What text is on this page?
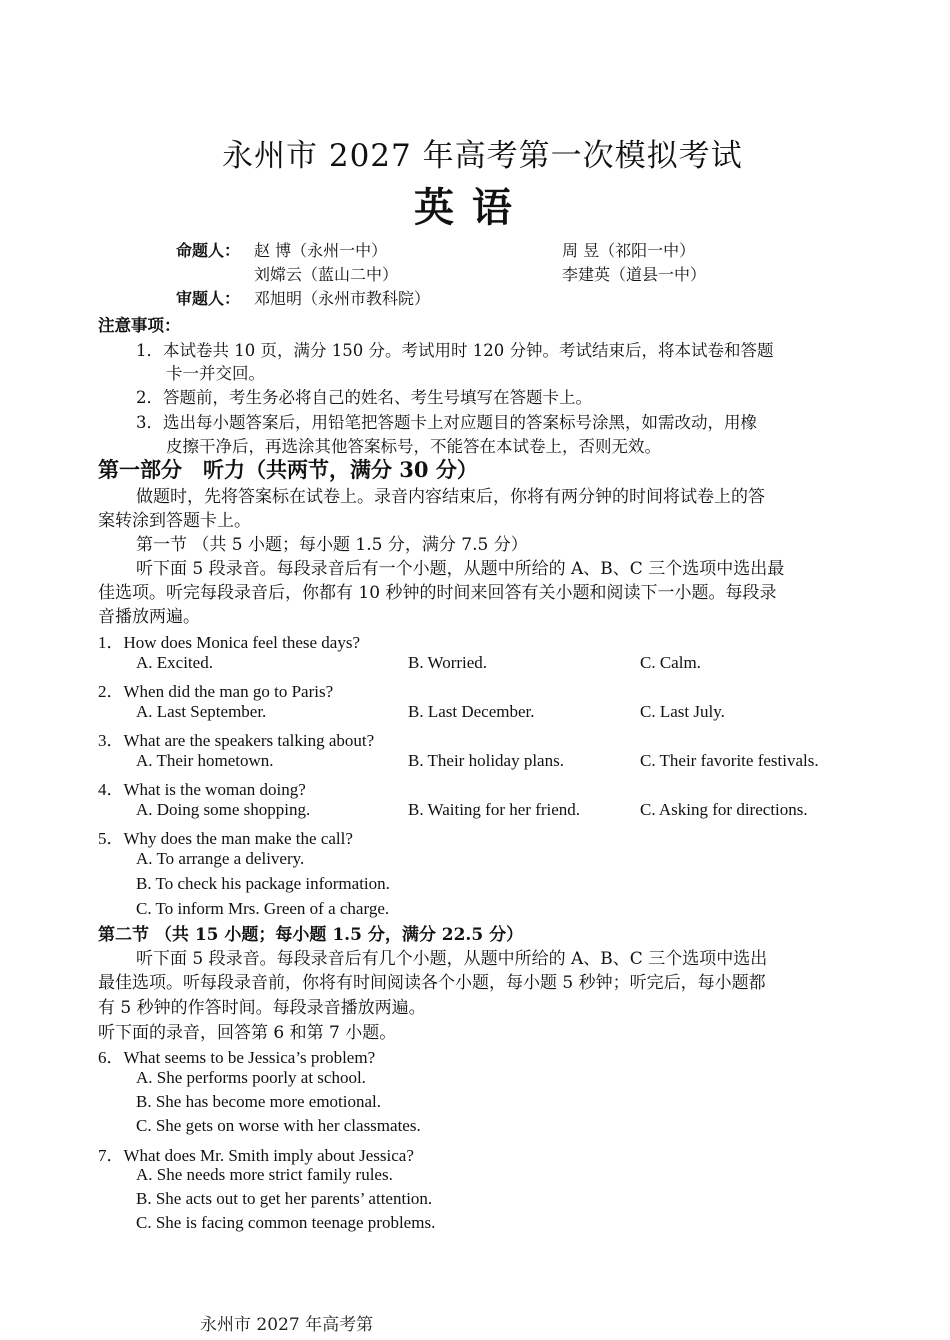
永州市 2027 年高考第一次模拟考试
英 语
命题人： 赵 博（永州一中）	周 昱（祁阳一中）
刘嫦云（蓝山二中）	李建英（道县一中）
审题人： 邓旭明（永州市教科院）
注意事项：
1．本试卷共 10 页，满分 150 分。考试用时 120 分钟。考试结束后，将本试卷和答题
卡一并交回。
2．答题前，考生务必将自己的姓名、考生号填写在答题卡上。
3．选出每小题答案后，用铅笔把答题卡上对应题目的答案标号涂黑，如需改动，用橡
皮擦干净后，再选涂其他答案标号，不能答在本试卷上，否则无效。
第一部分　听力（共两节，满分 30 分）
做题时，先将答案标在试卷上。录音内容结束后，你将有两分钟的时间将试卷上的答
案转涂到答题卡上。
第一节 （共 5 小题；每小题 1.5 分，满分 7.5 分）
听下面 5 段录音。每段录音后有一个小题，从题中所给的 A、B、C 三个选项中选出最
佳选项。听完每段录音后，你都有 10 秒钟的时间来回答有关小题和阅读下一小题。每段录
音播放两遍。
1．How does Monica feel these days?
A. Excited.	B. Worried.	C. Calm.
2．When did the man go to Paris?
A. Last September.	B. Last December.	C. Last July.
3．What are the speakers talking about?
A. Their hometown.	B. Their holiday plans.	C. Their favorite festivals.
4．What is the woman doing?
A. Doing some shopping.	B. Waiting for her friend.	C. Asking for directions.
5．Why does the man make the call?
A. To arrange a delivery.
B. To check his package information.
C. To inform Mrs. Green of a charge.
第二节 （共 15 小题；每小题 1.5 分，满分 22.5 分）
听下面 5 段录音。每段录音后有几个小题，从题中所给的 A、B、C 三个选项中选出
最佳选项。听每段录音前，你将有时间阅读各个小题，每小题 5 秒钟；听完后，每小题都
有 5 秒钟的作答时间。每段录音播放两遍。
听下面的录音，回答第 6 和第 7 小题。
6．What seems to be Jessica’s problem?
A. She performs poorly at school.
B. She has become more emotional.
C. She gets on worse with her classmates.
7．What does Mr. Smith imply about Jessica?
A. She needs more strict family rules.
B. She acts out to get her parents’ attention.
C. She is facing common teenage problems.
永州市 2027 年高考第
